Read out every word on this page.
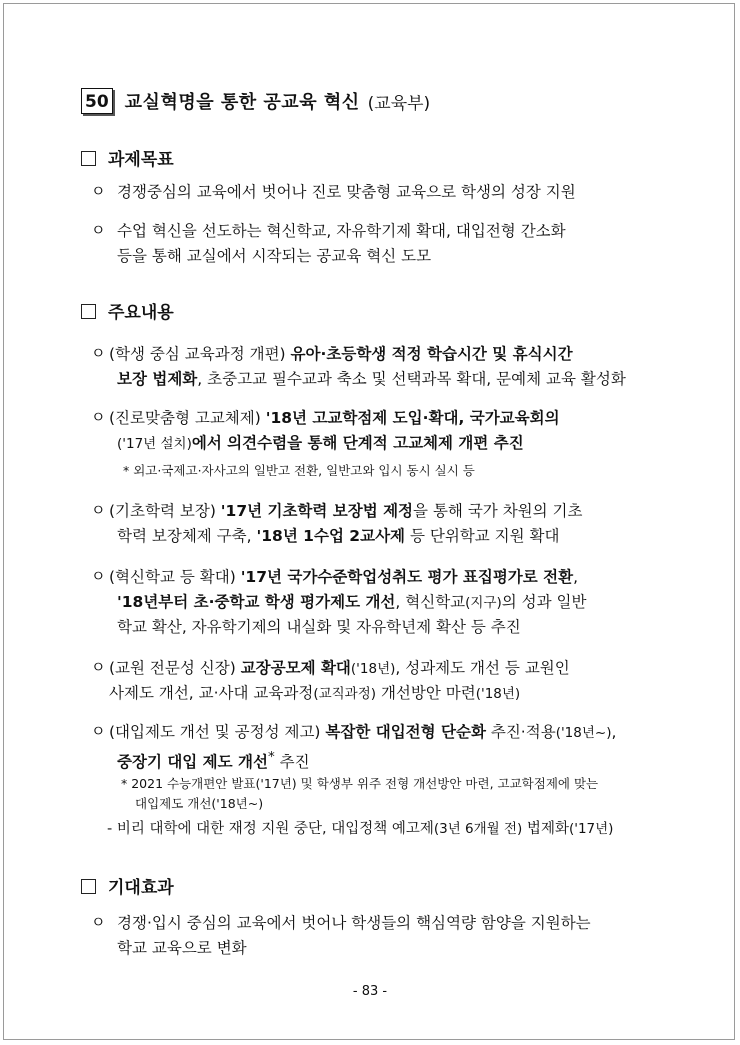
50 교실혁명을 통한 공교육 혁신 (교육부)
과제목표
ㅇ 경쟁중심의 교육에서 벗어나 진로 맞춤형 교육으로 학생의 성장 지원
ㅇ 수업 혁신을 선도하는 혁신학교, 자유학기제 확대, 대입전형 간소화
등을 통해 교실에서 시작되는 공교육 혁신 도모
주요내용
ㅇ (학생 중심 교육과정 개편) 유아·초등학생 적정 학습시간 및 휴식시간
보장 법제화, 초중고교 필수교과 축소 및 선택과목 확대, 문예체 교육 활성화
ㅇ (진로맞춤형 고교체제) '18년 고교학점제 도입·확대, 국가교육회의
('17년 설치)에서 의견수렴을 통해 단계적 고교체제 개편 추진
* 외고·국제고·자사고의 일반고 전환, 일반고와 입시 동시 실시 등
ㅇ (기초학력 보장) '17년 기초학력 보장법 제정을 통해 국가 차원의 기초
학력 보장체제 구축, '18년 1수업 2교사제 등 단위학교 지원 확대
ㅇ (혁신학교 등 확대) '17년 국가수준학업성취도 평가 표집평가로 전환,
'18년부터 초·중학교 학생 평가제도 개선, 혁신학교(지구)의 성과 일반
학교 확산, 자유학기제의 내실화 및 자유학년제 확산 등 추진
ㅇ (교원 전문성 신장) 교장공모제 확대('18년), 성과제도 개선 등 교원인
사제도 개선, 교·사대 교육과정(교직과정) 개선방안 마련('18년)
ㅇ (대입제도 개선 및 공정성 제고) 복잡한 대입전형 단순화 추진·적용('18년~),
중장기 대입 제도 개선* 추진
* 2021 수능개편안 발표('17년) 및 학생부 위주 전형 개선방안 마련, 고교학점제에 맞는
대입제도 개선('18년~)
- 비리 대학에 대한 재정 지원 중단, 대입정책 예고제(3년 6개월 전) 법제화('17년)
기대효과
ㅇ 경쟁·입시 중심의 교육에서 벗어나 학생들의 핵심역량 함양을 지원하는
학교 교육으로 변화
- 83 -
